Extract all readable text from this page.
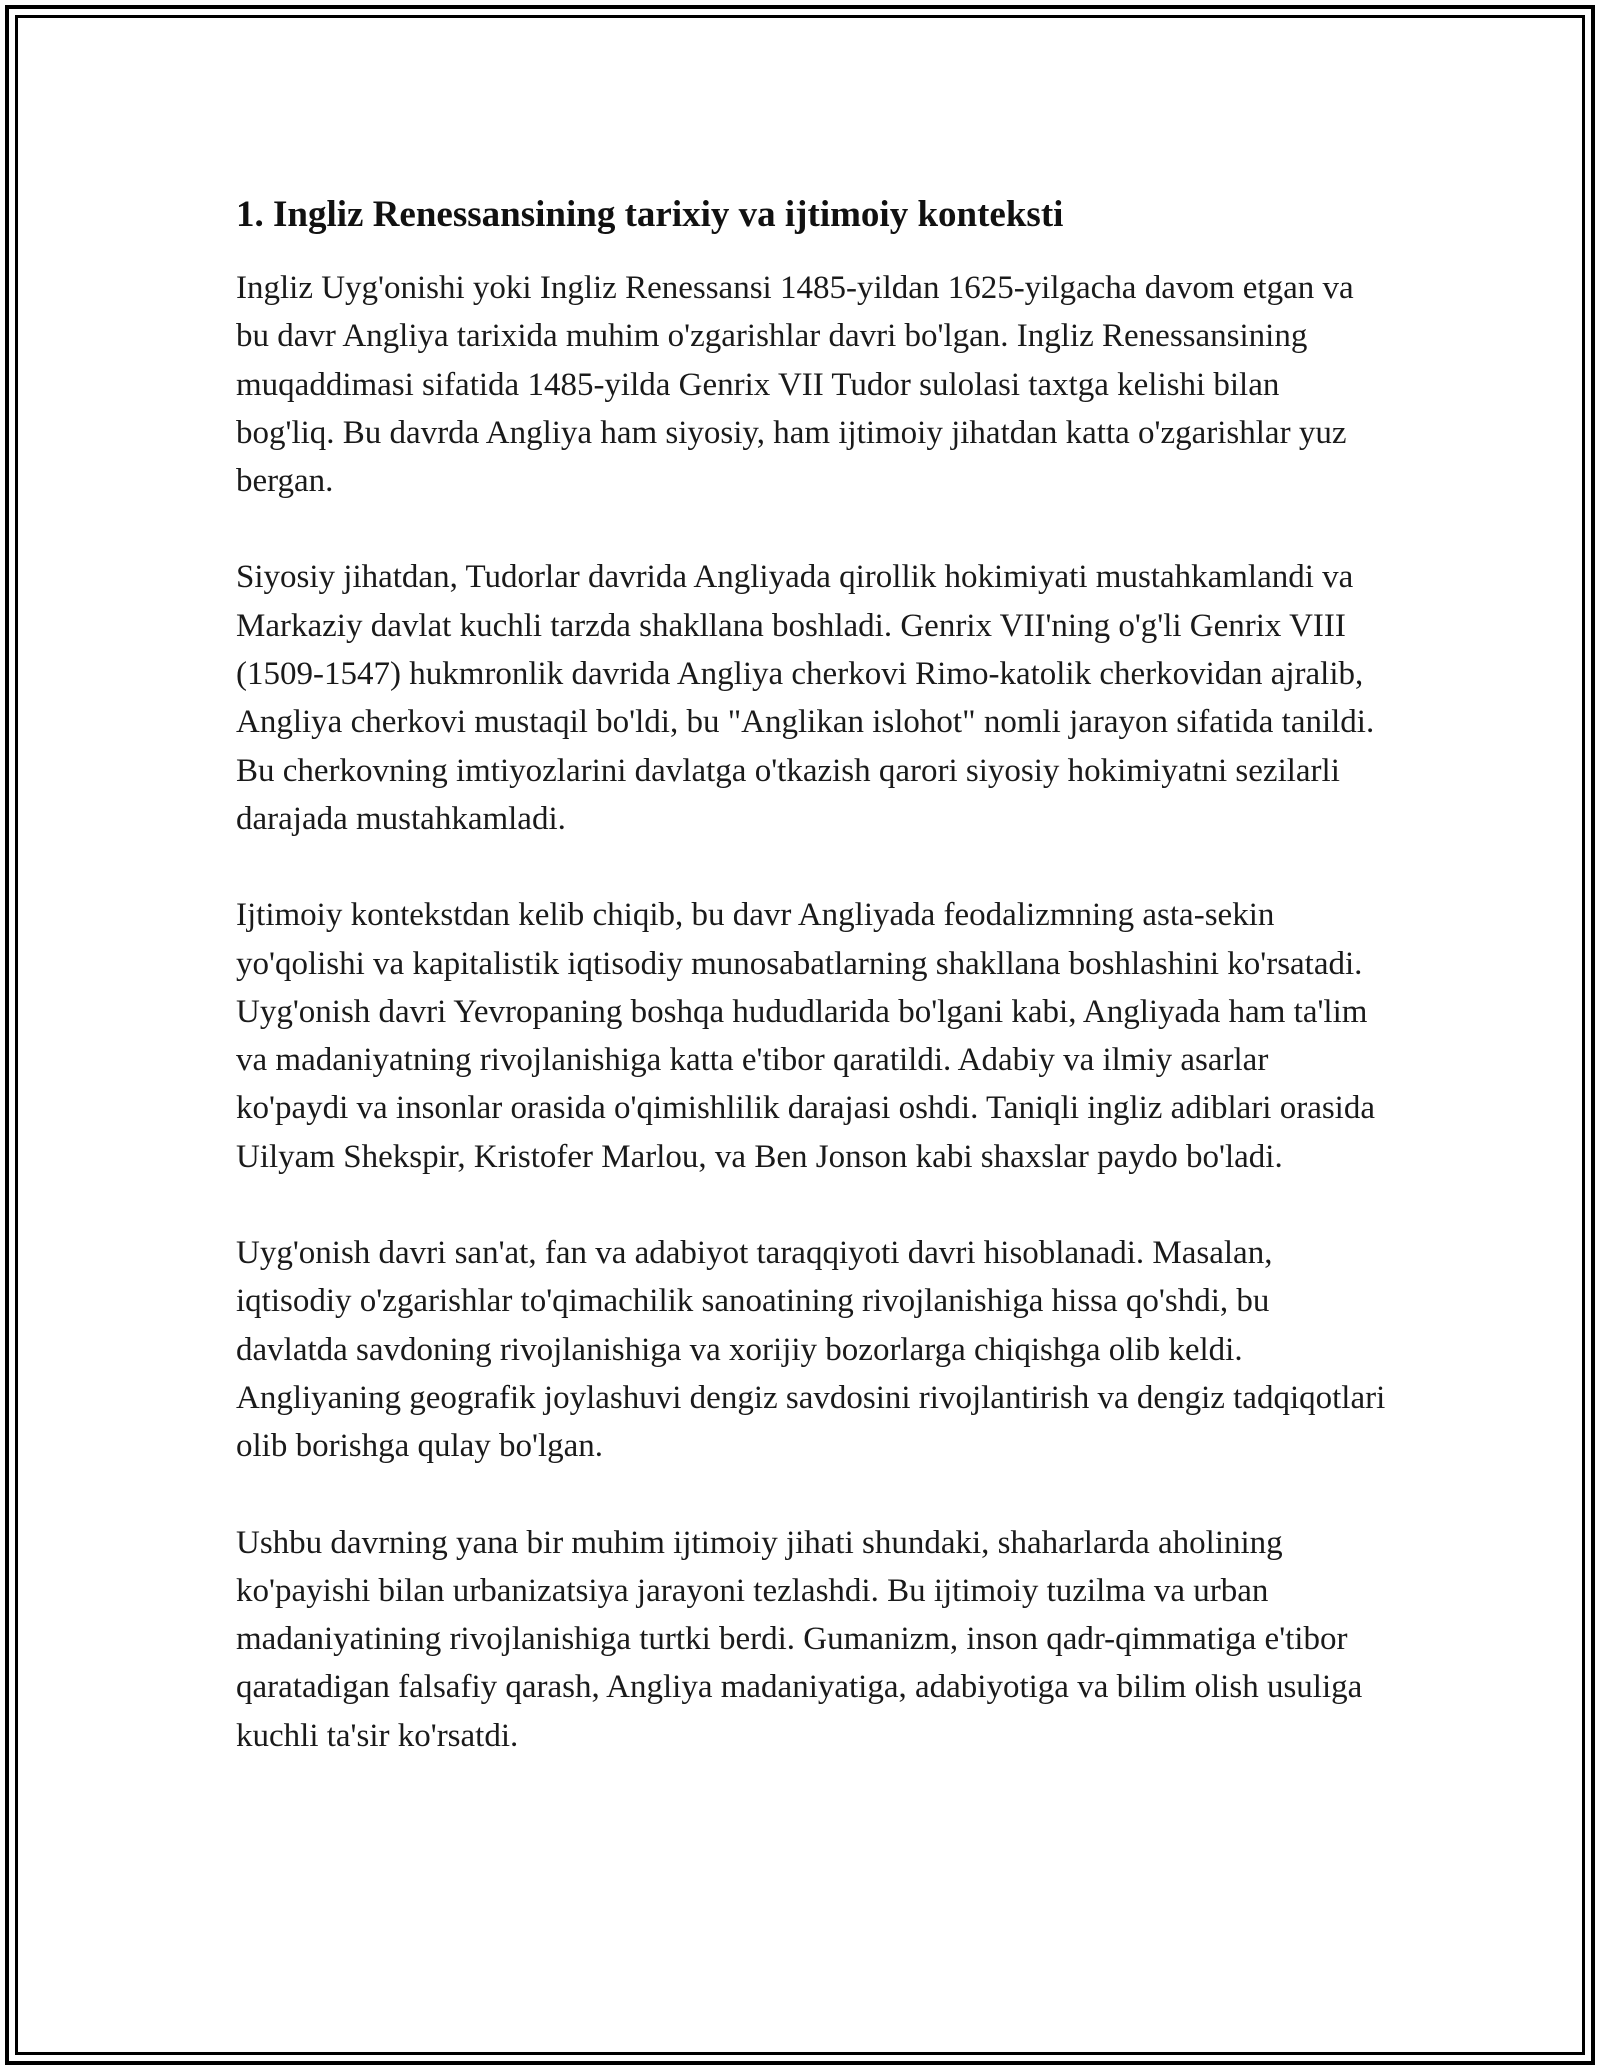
1. Ingliz Renessansining tarixiy va ijtimoiy konteksti

Ingliz Uyg'onishi yoki Ingliz Renessansi 1485-yildan 1625-yilgacha davom etgan va bu davr Angliya tarixida muhim o'zgarishlar davri bo'lgan. Ingliz Renessansining muqaddimasi sifatida 1485-yilda Genrix VII Tudor sulolasi taxtga kelishi bilan bog'liq. Bu davrda Angliya ham siyosiy, ham ijtimoiy jihatdan katta o'zgarishlar yuz bergan.

Siyosiy jihatdan, Tudorlar davrida Angliyada qirollik hokimiyati mustahkamlandi va Markaziy davlat kuchli tarzda shakllana boshladi. Genrix VII'ning o'g'li Genrix VIII (1509-1547) hukmronlik davrida Angliya cherkovi Rimo-katolik cherkovidan ajralib, Angliya cherkovi mustaqil bo'ldi, bu "Anglikan islohot" nomli jarayon sifatida tanildi. Bu cherkovning imtiyozlarini davlatga o'tkazish qarori siyosiy hokimiyatni sezilarli darajada mustahkamladi.

Ijtimoiy kontekstdan kelib chiqib, bu davr Angliyada feodalizmning asta-sekin yo'qolishi va kapitalistik iqtisodiy munosabatlarning shakllana boshlashini ko'rsatadi. Uyg'onish davri Yevropaning boshqa hududlarida bo'lgani kabi, Angliyada ham ta'lim va madaniyatning rivojlanishiga katta e'tibor qaratildi. Adabiy va ilmiy asarlar ko'paydi va insonlar orasida o'qimishlilik darajasi oshdi. Taniqli ingliz adiblari orasida Uilyam Shekspir, Kristofer Marlou, va Ben Jonson kabi shaxslar paydo bo'ladi.

Uyg'onish davri san'at, fan va adabiyot taraqqiyoti davri hisoblanadi. Masalan, iqtisodiy o'zgarishlar to'qimachilik sanoatining rivojlanishiga hissa qo'shdi, bu davlatda savdoning rivojlanishiga va xorijiy bozorlarga chiqishga olib keldi. Angliyaning geografik joylashuvi dengiz savdosini rivojlantirish va dengiz tadqiqotlari olib borishga qulay bo'lgan.

Ushbu davrning yana bir muhim ijtimoiy jihati shundaki, shaharlarda aholining ko'payishi bilan urbanizatsiya jarayoni tezlashdi. Bu ijtimoiy tuzilma va urban madaniyatining rivojlanishiga turtki berdi. Gumanizm, inson qadr-qimmatiga e'tibor qaratadigan falsafiy qarash, Angliya madaniyatiga, adabiyotiga va bilim olish usuliga kuchli ta'sir ko'rsatdi.
